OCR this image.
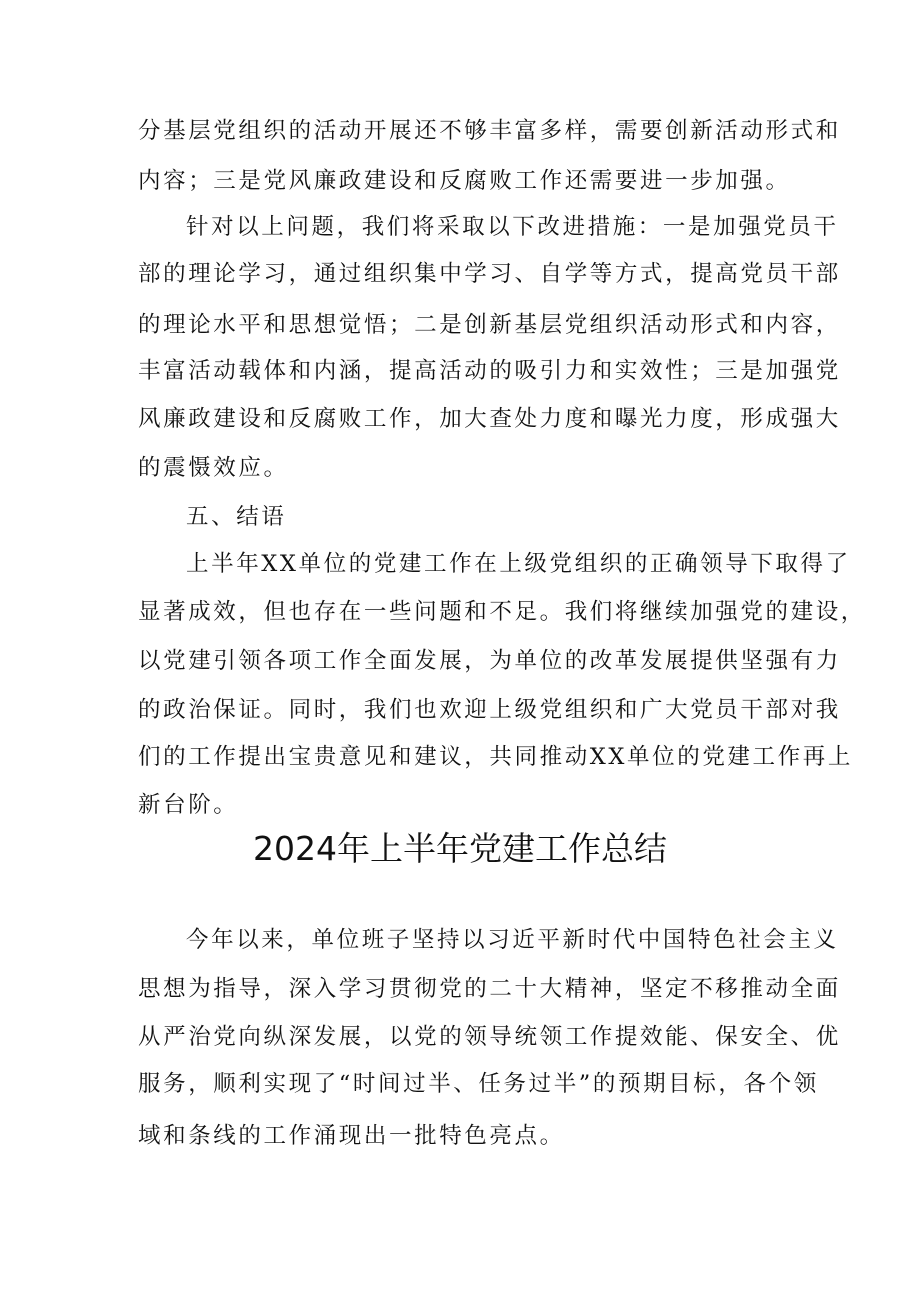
分基层党组织的活动开展还不够丰富多样，需要创新活动形式和
内容；三是党风廉政建设和反腐败工作还需要进一步加强。
针对以上问题，我们将采取以下改进措施：一是加强党员干
部的理论学习，通过组织集中学习、自学等方式，提高党员干部
的理论水平和思想觉悟；二是创新基层党组织活动形式和内容，
丰富活动载体和内涵，提高活动的吸引力和实效性；三是加强党
风廉政建设和反腐败工作，加大查处力度和曝光力度，形成强大
的震慑效应。
五、结语
上半年XX单位的党建工作在上级党组织的正确领导下取得了
显著成效，但也存在一些问题和不足。我们将继续加强党的建设，
以党建引领各项工作全面发展，为单位的改革发展提供坚强有力
的政治保证。同时，我们也欢迎上级党组织和广大党员干部对我
们的工作提出宝贵意见和建议，共同推动XX单位的党建工作再上
新台阶。
2024年上半年党建工作总结
今年以来，单位班子坚持以习近平新时代中国特色社会主义
思想为指导，深入学习贯彻党的二十大精神，坚定不移推动全面
从严治党向纵深发展，以党的领导统领工作提效能、保安全、优
服务，顺利实现了“时间过半、任务过半”的预期目标，各个领
域和条线的工作涌现出一批特色亮点。
